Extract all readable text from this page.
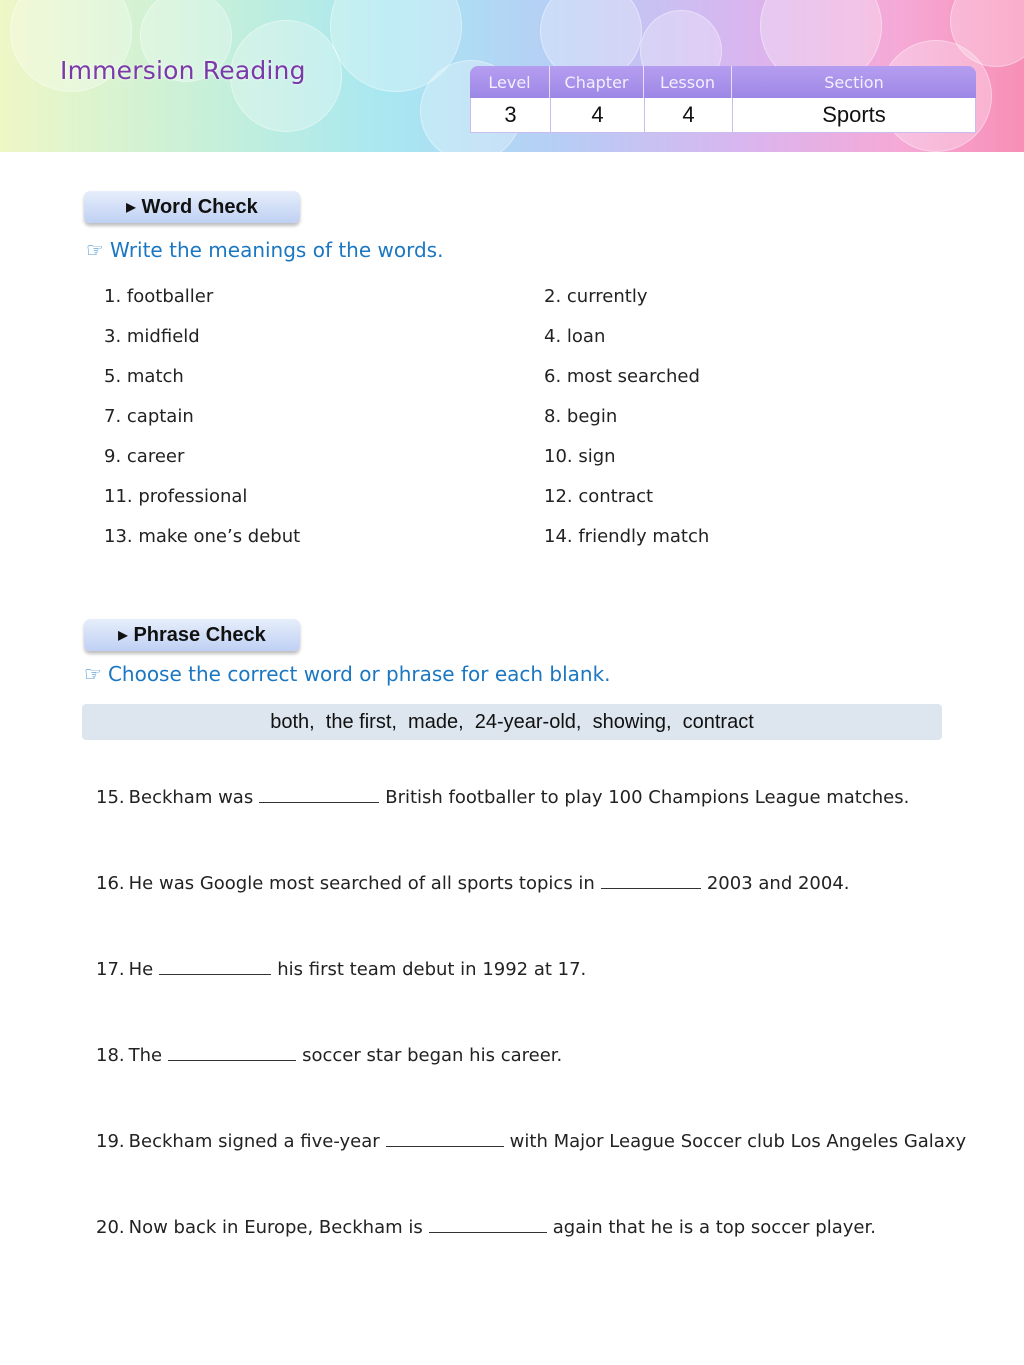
Immersion Reading	Level	Chapter	Lesson	Section
3	4	4	Sports
▶ Word Check
☞ Write the meanings of the words.
1. footballer	2. currently
3. midfield	4. loan
5. match	6. most searched
7. captain	8. begin
9. career	10. sign
11. professional	12. contract
13. make one’s debut	14. friendly match
▶ Phrase Check
☞ Choose the correct word or phrase for each blank.
both,  the first,  made,  24-year-old,  showing,  contract
15. Beckham was	British footballer to play 100 Champions League matches.
16. He was Google most searched of all sports topics in	2003 and 2004.
17. He	his first team debut in 1992 at 17.
18. The	soccer star began his career.
19. Beckham signed a five-year	with Major League Soccer club Los Angeles Galaxy
20. Now back in Europe, Beckham is	again that he is a top soccer player.
